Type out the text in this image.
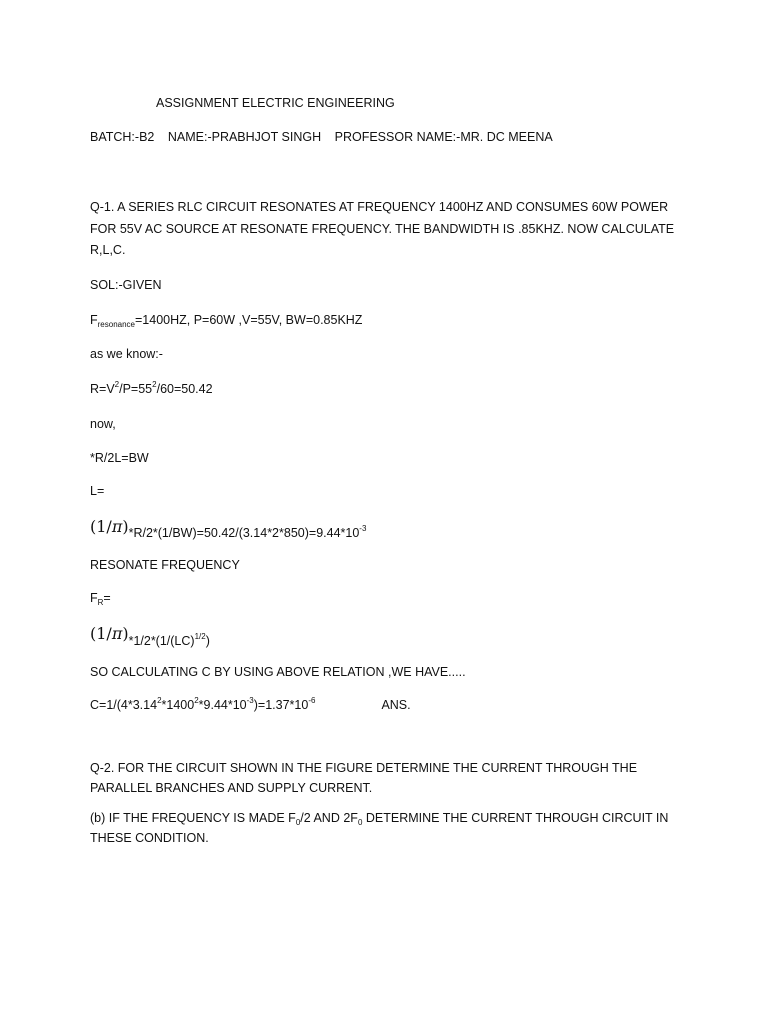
ASSIGNMENT ELECTRIC ENGINEERING
BATCH:-B2 NAME:-PRABHJOT SINGH PROFESSOR NAME:-MR. DC MEENA
Q-1. A SERIES RLC CIRCUIT RESONATES AT FREQUENCY 1400HZ AND CONSUMES 60W POWER
FOR 55V AC SOURCE AT RESONATE FREQUENCY. THE BANDWIDTH IS .85KHZ. NOW CALCULATE
R,L,C.
SOL:-GIVEN
$F_{resonance}=1400HZ$, P=60W ,V=55V, BW=0.85KHZ
as we know:-
$R=V^2/P=55^2/60=50.42$
now,
*R/2L=BW
L=
$(1/\pi)*R/2*(1/BW)=50.42/(3.14*2*850)=9.44*10^{-3}$
RESONATE FREQUENCY
$F_R=$
(1/π)*1/2*(1/(LC)$^{1/2}$)
SO CALCULATING C BY USING ABOVE RELATION ,WE HAVE.....
$C=1/(4*3.14^2*1400^2*9.44*10^{-3})=1.37*10^{-6}$	ANS.
Q-2. FOR THE CIRCUIT SHOWN IN THE FIGURE DETERMINE THE CURRENT THROUGH THE
PARALLEL BRANCHES AND SUPPLY CURRENT.
(b) IF THE FREQUENCY IS MADE $F_0/2$ AND $2F_0$ DETERMINE THE CURRENT THROUGH CIRCUIT IN
THESE CONDITION.
